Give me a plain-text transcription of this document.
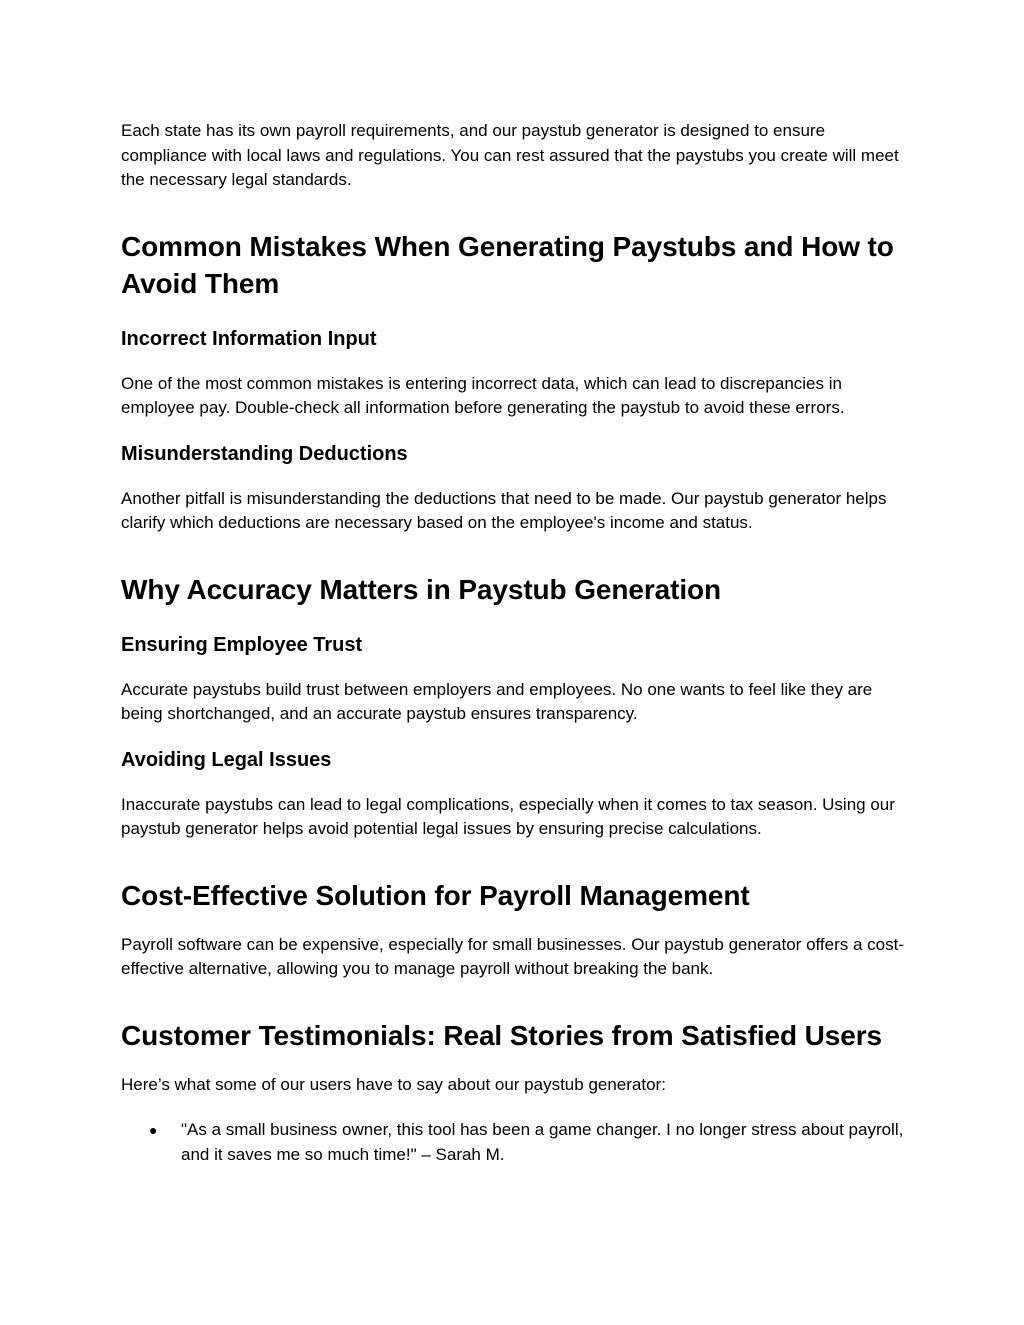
Each state has its own payroll requirements, and our paystub generator is designed to ensure compliance with local laws and regulations. You can rest assured that the paystubs you create will meet the necessary legal standards.

Common Mistakes When Generating Paystubs and How to Avoid Them
Incorrect Information Input

One of the most common mistakes is entering incorrect data, which can lead to discrepancies in employee pay. Double-check all information before generating the paystub to avoid these errors.

Misunderstanding Deductions

Another pitfall is misunderstanding the deductions that need to be made. Our paystub generator helps clarify which deductions are necessary based on the employee's income and status.

Why Accuracy Matters in Paystub Generation
Ensuring Employee Trust

Accurate paystubs build trust between employers and employees. No one wants to feel like they are being shortchanged, and an accurate paystub ensures transparency.

Avoiding Legal Issues

Inaccurate paystubs can lead to legal complications, especially when it comes to tax season. Using our paystub generator helps avoid potential legal issues by ensuring precise calculations.

Cost-Effective Solution for Payroll Management

Payroll software can be expensive, especially for small businesses. Our paystub generator offers a cost-effective alternative, allowing you to manage payroll without breaking the bank.

Customer Testimonials: Real Stories from Satisfied Users

Here’s what some of our users have to say about our paystub generator:

● "As a small business owner, this tool has been a game changer. I no longer stress about payroll, and it saves me so much time!" – Sarah M.
